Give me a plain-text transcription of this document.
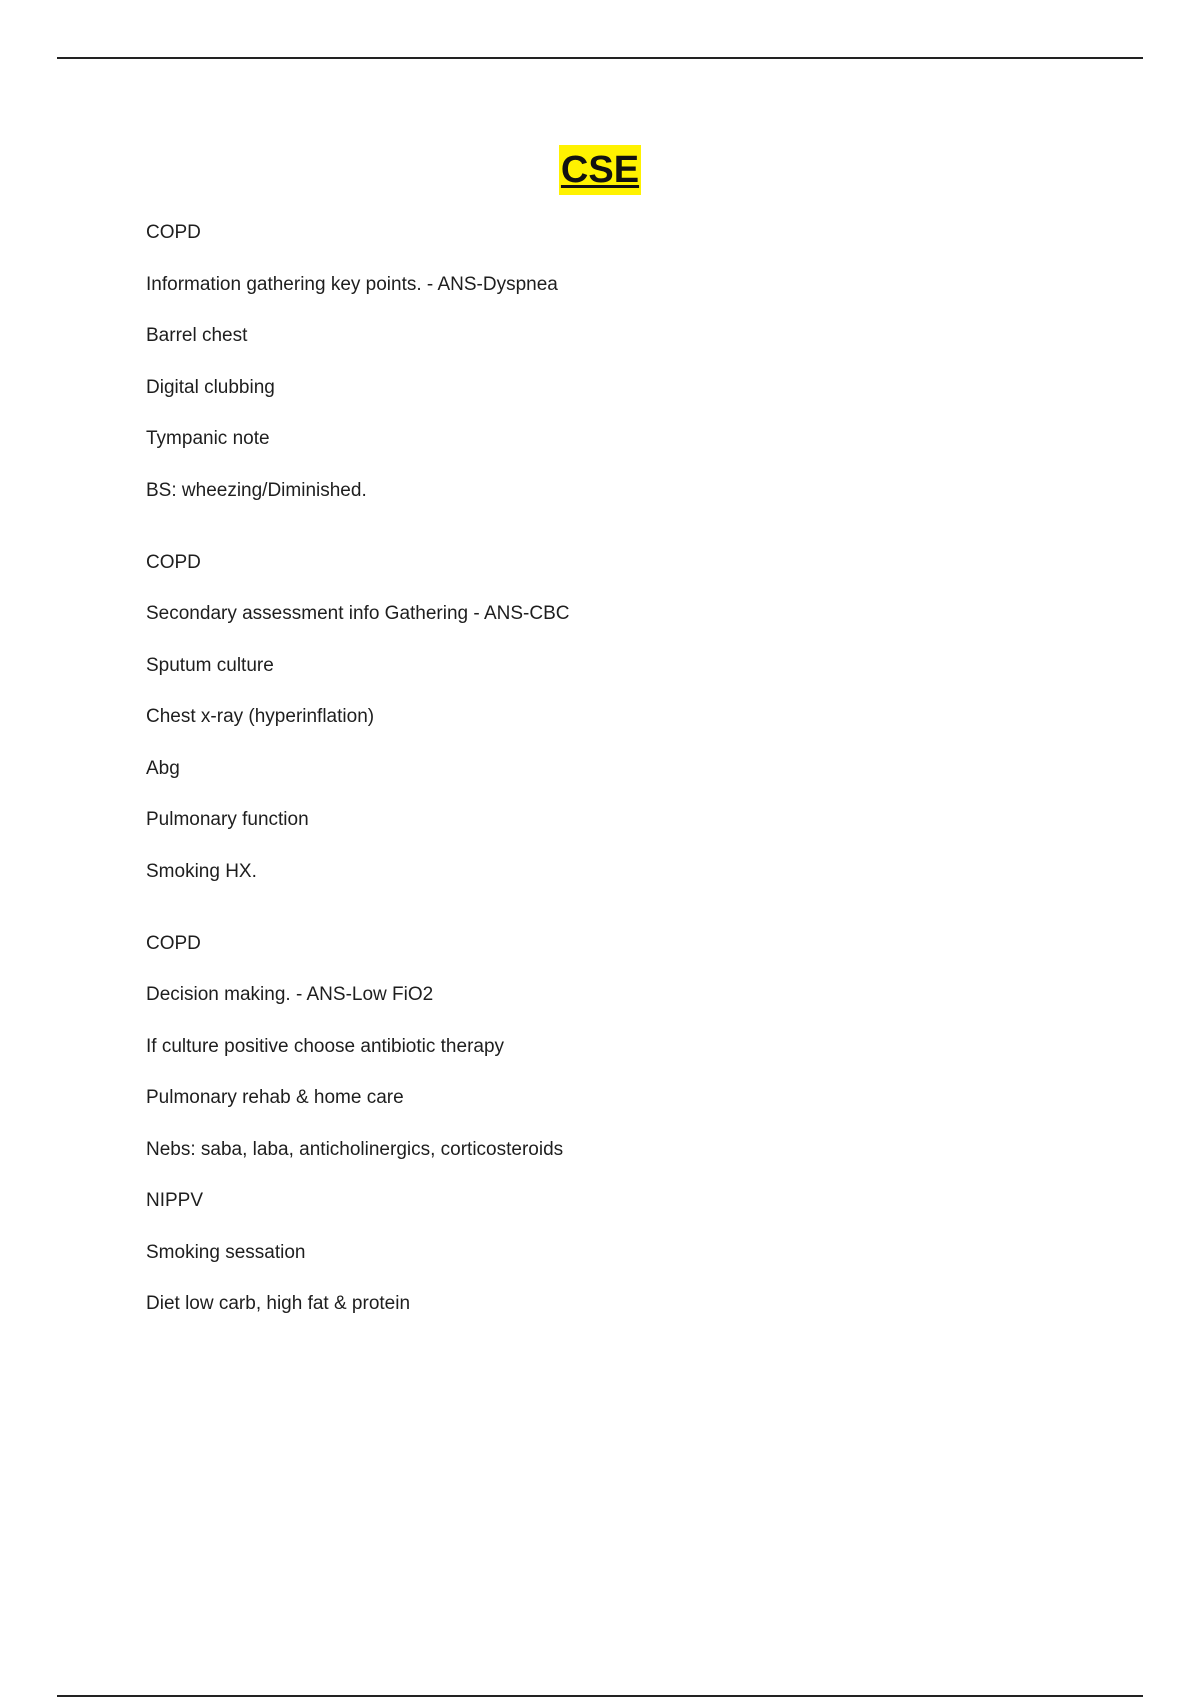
CSE
COPD
Information gathering key points. - ANS-Dyspnea
Barrel chest
Digital clubbing
Tympanic note
BS: wheezing/Diminished.
COPD
Secondary assessment info Gathering - ANS-CBC
Sputum culture
Chest x-ray (hyperinflation)
Abg
Pulmonary function
Smoking HX.
COPD
Decision making. - ANS-Low FiO2
If culture positive choose antibiotic therapy
Pulmonary rehab & home care
Nebs: saba, laba, anticholinergics, corticosteroids
NIPPV
Smoking sessation
Diet low carb, high fat & protein
